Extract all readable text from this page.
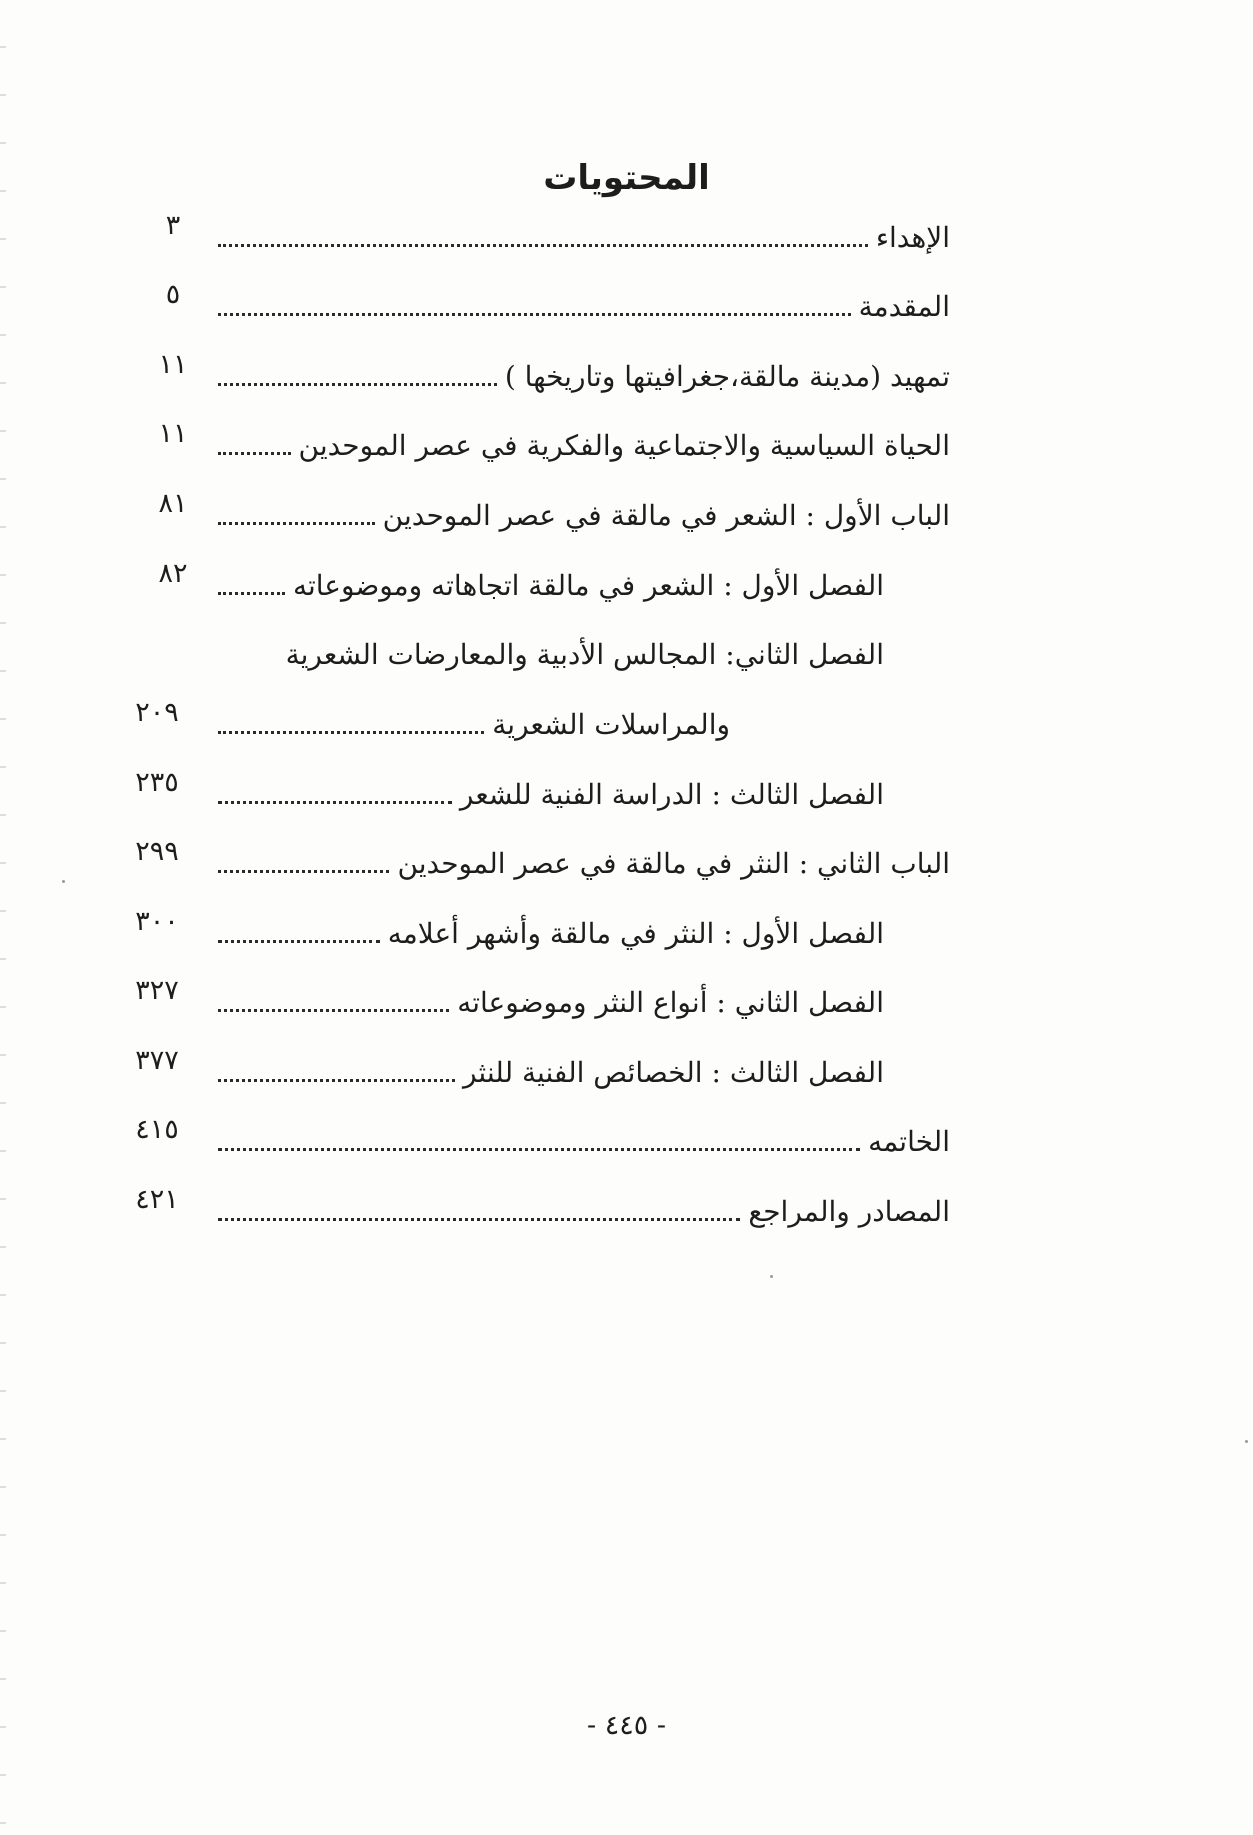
المحتويات
الإهداء
٣
المقدمة
٥
تمهيد (مدينة مالقة،جغرافيتها وتاريخها )
١١
الحياة السياسية والاجتماعية والفكرية في عصر الموحدين
١١
الباب الأول : الشعر في مالقة في عصر الموحدين
٨١
الفصل الأول : الشعر في مالقة اتجاهاته وموضوعاته
٨٢
الفصل الثاني: المجالس الأدبية والمعارضات الشعرية
والمراسلات الشعرية
٢٠٩
الفصل الثالث : الدراسة الفنية للشعر
٢٣٥
الباب الثاني : النثر في مالقة في عصر الموحدين
٢٩٩
الفصل الأول : النثر في مالقة وأشهر أعلامه
٣٠٠
الفصل الثاني : أنواع النثر وموضوعاته
٣٢٧
الفصل الثالث : الخصائص الفنية للنثر
٣٧٧
الخاتمه
٤١٥
المصادر والمراجع
٤٢١
- ٤٤٥ -
